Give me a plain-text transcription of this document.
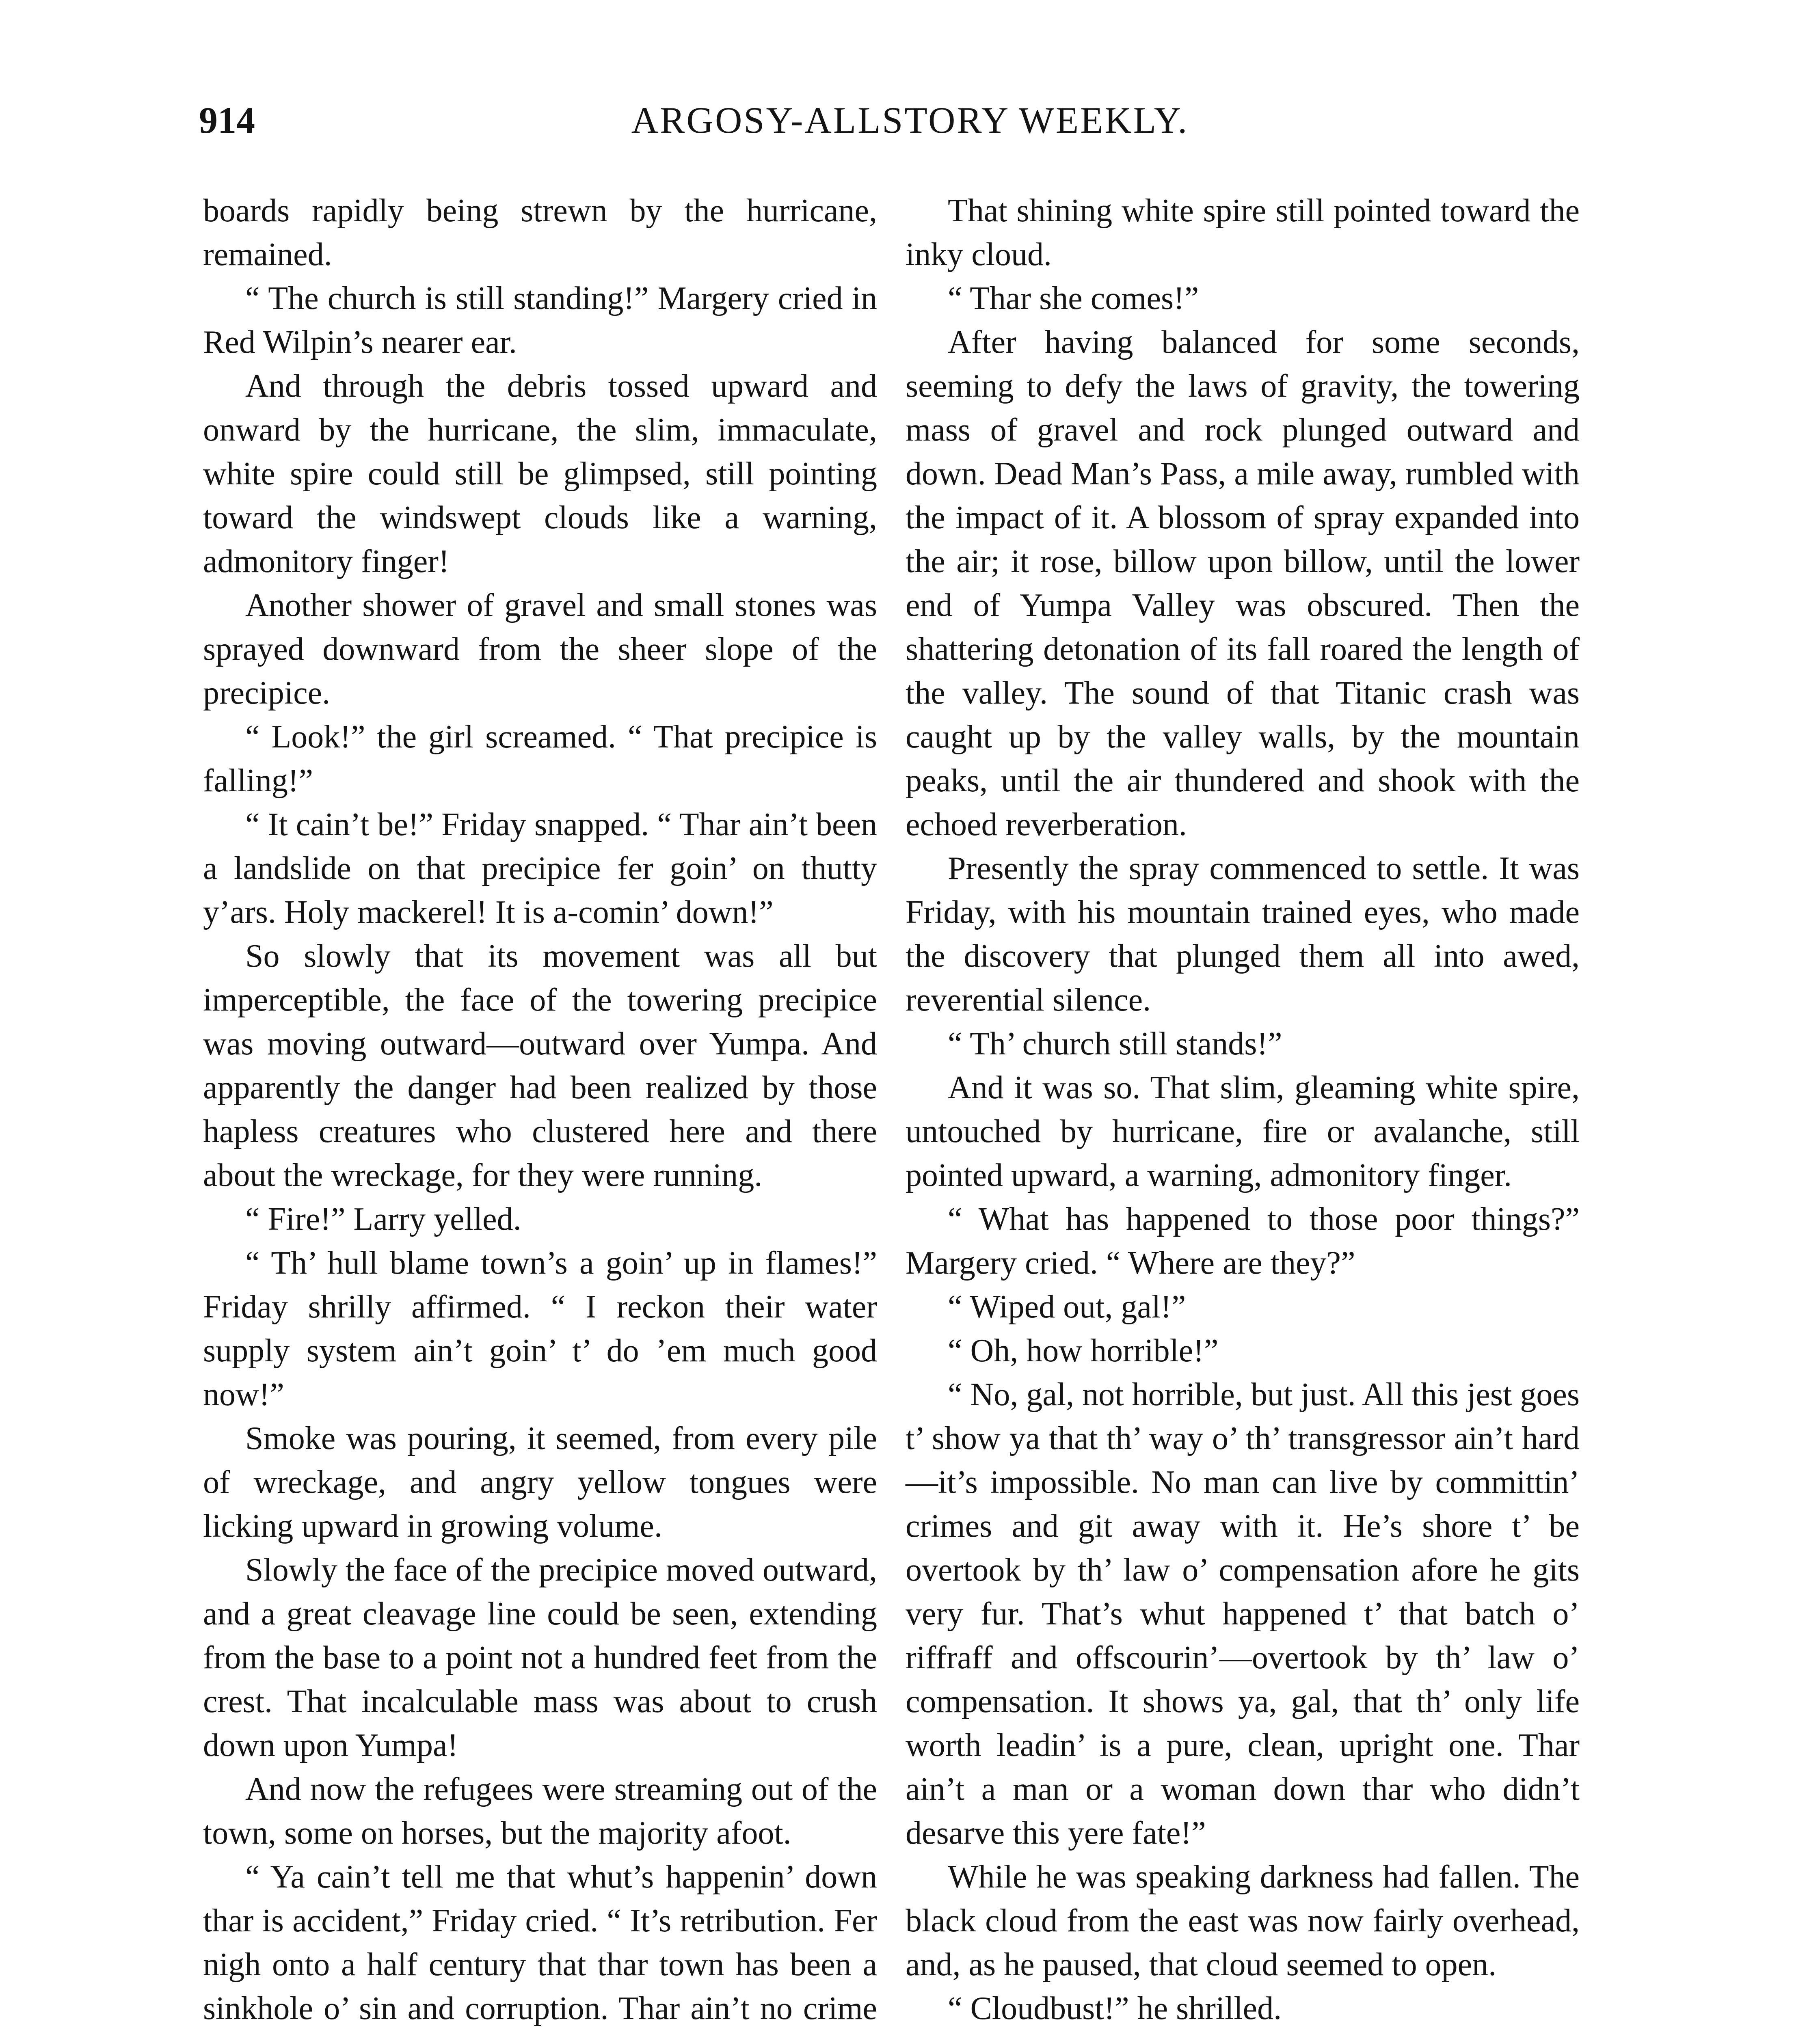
914	ARGOSY-ALLSTORY WEEKLY.

boards rapidly being strewn by the hurricane, remained.

“ The church is still standing!” Margery cried in Red Wilpin’s nearer ear.

And through the debris tossed upward and onward by the hurricane, the slim, immaculate, white spire could still be glimpsed, still pointing toward the windswept clouds like a warning, admonitory finger!

Another shower of gravel and small stones was sprayed downward from the sheer slope of the precipice.

“ Look!” the girl screamed. “ That precipice is falling!”

“ It cain’t be!” Friday snapped. “ Thar ain’t been a landslide on that precipice fer goin’ on thutty y’ars. Holy mackerel! It is a-comin’ down!”

So slowly that its movement was all but imperceptible, the face of the towering precipice was moving outward—outward over Yumpa. And apparently the danger had been realized by those hapless creatures who clustered here and there about the wreckage, for they were running.

“ Fire!” Larry yelled.

“ Th’ hull blame town’s a goin’ up in flames!” Friday shrilly affirmed. “ I reckon their water supply system ain’t goin’ t’ do ’em much good now!”

Smoke was pouring, it seemed, from every pile of wreckage, and angry yellow tongues were licking upward in growing volume.

Slowly the face of the precipice moved outward, and a great cleavage line could be seen, extending from the base to a point not a hundred feet from the crest. That incalculable mass was about to crush down upon Yumpa!

And now the refugees were streaming out of the town, some on horses, but the majority afoot.

“ Ya cain’t tell me that whut’s happenin’ down thar is accident,” Friday cried. “ It’s retribution. Fer nigh onto a half century that thar town has been a sinkhole o’ sin and corruption. Thar ain’t no crime

That shining white spire still pointed toward the inky cloud.

“ Thar she comes!”

After having balanced for some seconds, seeming to defy the laws of gravity, the towering mass of gravel and rock plunged outward and down. Dead Man’s Pass, a mile away, rumbled with the impact of it. A blossom of spray expanded into the air; it rose, billow upon billow, until the lower end of Yumpa Valley was obscured. Then the shattering detonation of its fall roared the length of the valley. The sound of that Titanic crash was caught up by the valley walls, by the mountain peaks, until the air thundered and shook with the echoed reverberation.

Presently the spray commenced to settle. It was Friday, with his mountain trained eyes, who made the discovery that plunged them all into awed, reverential silence.

“ Th’ church still stands!”

And it was so. That slim, gleaming white spire, untouched by hurricane, fire or avalanche, still pointed upward, a warning, admonitory finger.

“ What has happened to those poor things?” Margery cried. “ Where are they?”

“ Wiped out, gal!”

“ Oh, how horrible!”

“ No, gal, not horrible, but just. All this jest goes t’ show ya that th’ way o’ th’ transgressor ain’t hard—it’s impossible. No man can live by committin’ crimes and git away with it. He’s shore t’ be overtook by th’ law o’ compensation afore he gits very fur. That’s whut happened t’ that batch o’ riffraff and offscourin’—overtook by th’ law o’ compensation. It shows ya, gal, that th’ only life worth leadin’ is a pure, clean, upright one. Thar ain’t a man or a woman down thar who didn’t desarve this yere fate!”

While he was speaking darkness had fallen. The black cloud from the east was now fairly overhead, and, as he paused, that cloud seemed to open.

“ Cloudbust!” he shrilled.
